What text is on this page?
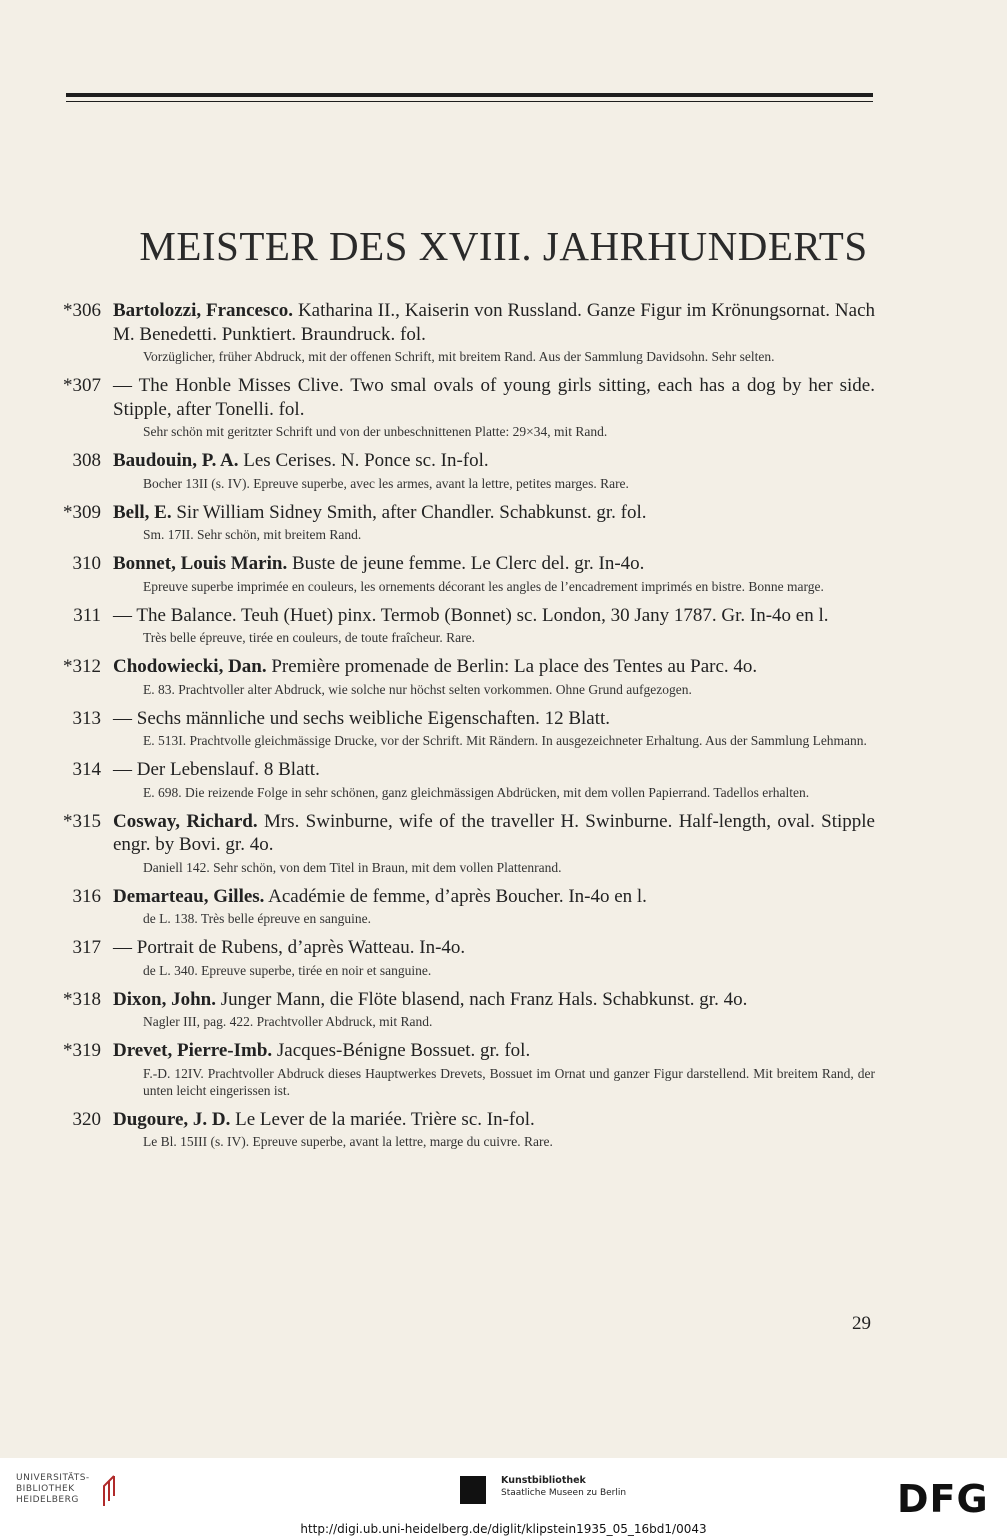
MEISTER DES XVIII. JAHRHUNDERTS
*306 Bartolozzi, Francesco. Katharina II., Kaiserin von Russland. Ganze Figur im Krönungsornat. Nach M. Benedetti. Punktiert. Braundruck. fol.
Vorzüglicher, früher Abdruck, mit der offenen Schrift, mit breitem Rand. Aus der Sammlung Davidsohn. Sehr selten.
*307 — The Honble Misses Clive. Two smal ovals of young girls sitting, each has a dog by her side. Stipple, after Tonelli. fol.
Sehr schön mit geritzter Schrift und von der unbeschnittenen Platte: 29×34, mit Rand.
308 Baudouin, P. A. Les Cerises. N. Ponce sc. In-fol.
Bocher 13II (s. IV). Epreuve superbe, avec les armes, avant la lettre, petites marges. Rare.
*309 Bell, E. Sir William Sidney Smith, after Chandler. Schabkunst. gr. fol.
Sm. 17II. Sehr schön, mit breitem Rand.
310 Bonnet, Louis Marin. Buste de jeune femme. Le Clerc del. gr. In-4o.
Epreuve superbe imprimée en couleurs, les ornements décorant les angles de l’encadrement imprimés en bistre. Bonne marge.
311 — The Balance. Teuh (Huet) pinx. Termob (Bonnet) sc. London, 30 Jany 1787. Gr. In-4o en l.
Très belle épreuve, tirée en couleurs, de toute fraîcheur. Rare.
*312 Chodowiecki, Dan. Première promenade de Berlin: La place des Tentes au Parc. 4o.
E. 83. Prachtvoller alter Abdruck, wie solche nur höchst selten vorkommen. Ohne Grund aufgezogen.
313 — Sechs männliche und sechs weibliche Eigenschaften. 12 Blatt.
E. 513I. Prachtvolle gleichmässige Drucke, vor der Schrift. Mit Rändern. In ausgezeichneter Erhaltung. Aus der Sammlung Lehmann.
314 — Der Lebenslauf. 8 Blatt.
E. 698. Die reizende Folge in sehr schönen, ganz gleichmässigen Abdrücken, mit dem vollen Papierrand. Tadellos erhalten.
*315 Cosway, Richard. Mrs. Swinburne, wife of the traveller H. Swinburne. Half-length, oval. Stipple engr. by Bovi. gr. 4o.
Daniell 142. Sehr schön, von dem Titel in Braun, mit dem vollen Plattenrand.
316 Demarteau, Gilles. Académie de femme, d’après Boucher. In-4o en l.
de L. 138. Très belle épreuve en sanguine.
317 — Portrait de Rubens, d’après Watteau. In-4o.
de L. 340. Epreuve superbe, tirée en noir et sanguine.
*318 Dixon, John. Junger Mann, die Flöte blasend, nach Franz Hals. Schabkunst. gr. 4o.
Nagler III, pag. 422. Prachtvoller Abdruck, mit Rand.
*319 Drevet, Pierre-Imb. Jacques-Bénigne Bossuet. gr. fol.
F.-D. 12IV. Prachtvoller Abdruck dieses Hauptwerkes Drevets, Bossuet im Ornat und ganzer Figur darstellend. Mit breitem Rand, der unten leicht eingerissen ist.
320 Dugoure, J. D. Le Lever de la mariée. Trière sc. In-fol.
Le Bl. 15III (s. IV). Epreuve superbe, avant la lettre, marge du cuivre. Rare.
29
UNIVERSITÄTS-
BIBLIOTHEK
HEIDELBERG
Kunstbibliothek
Staatliche Museen zu Berlin	DFG
http://digi.ub.uni-heidelberg.de/diglit/klipstein1935_05_16bd1/0043
